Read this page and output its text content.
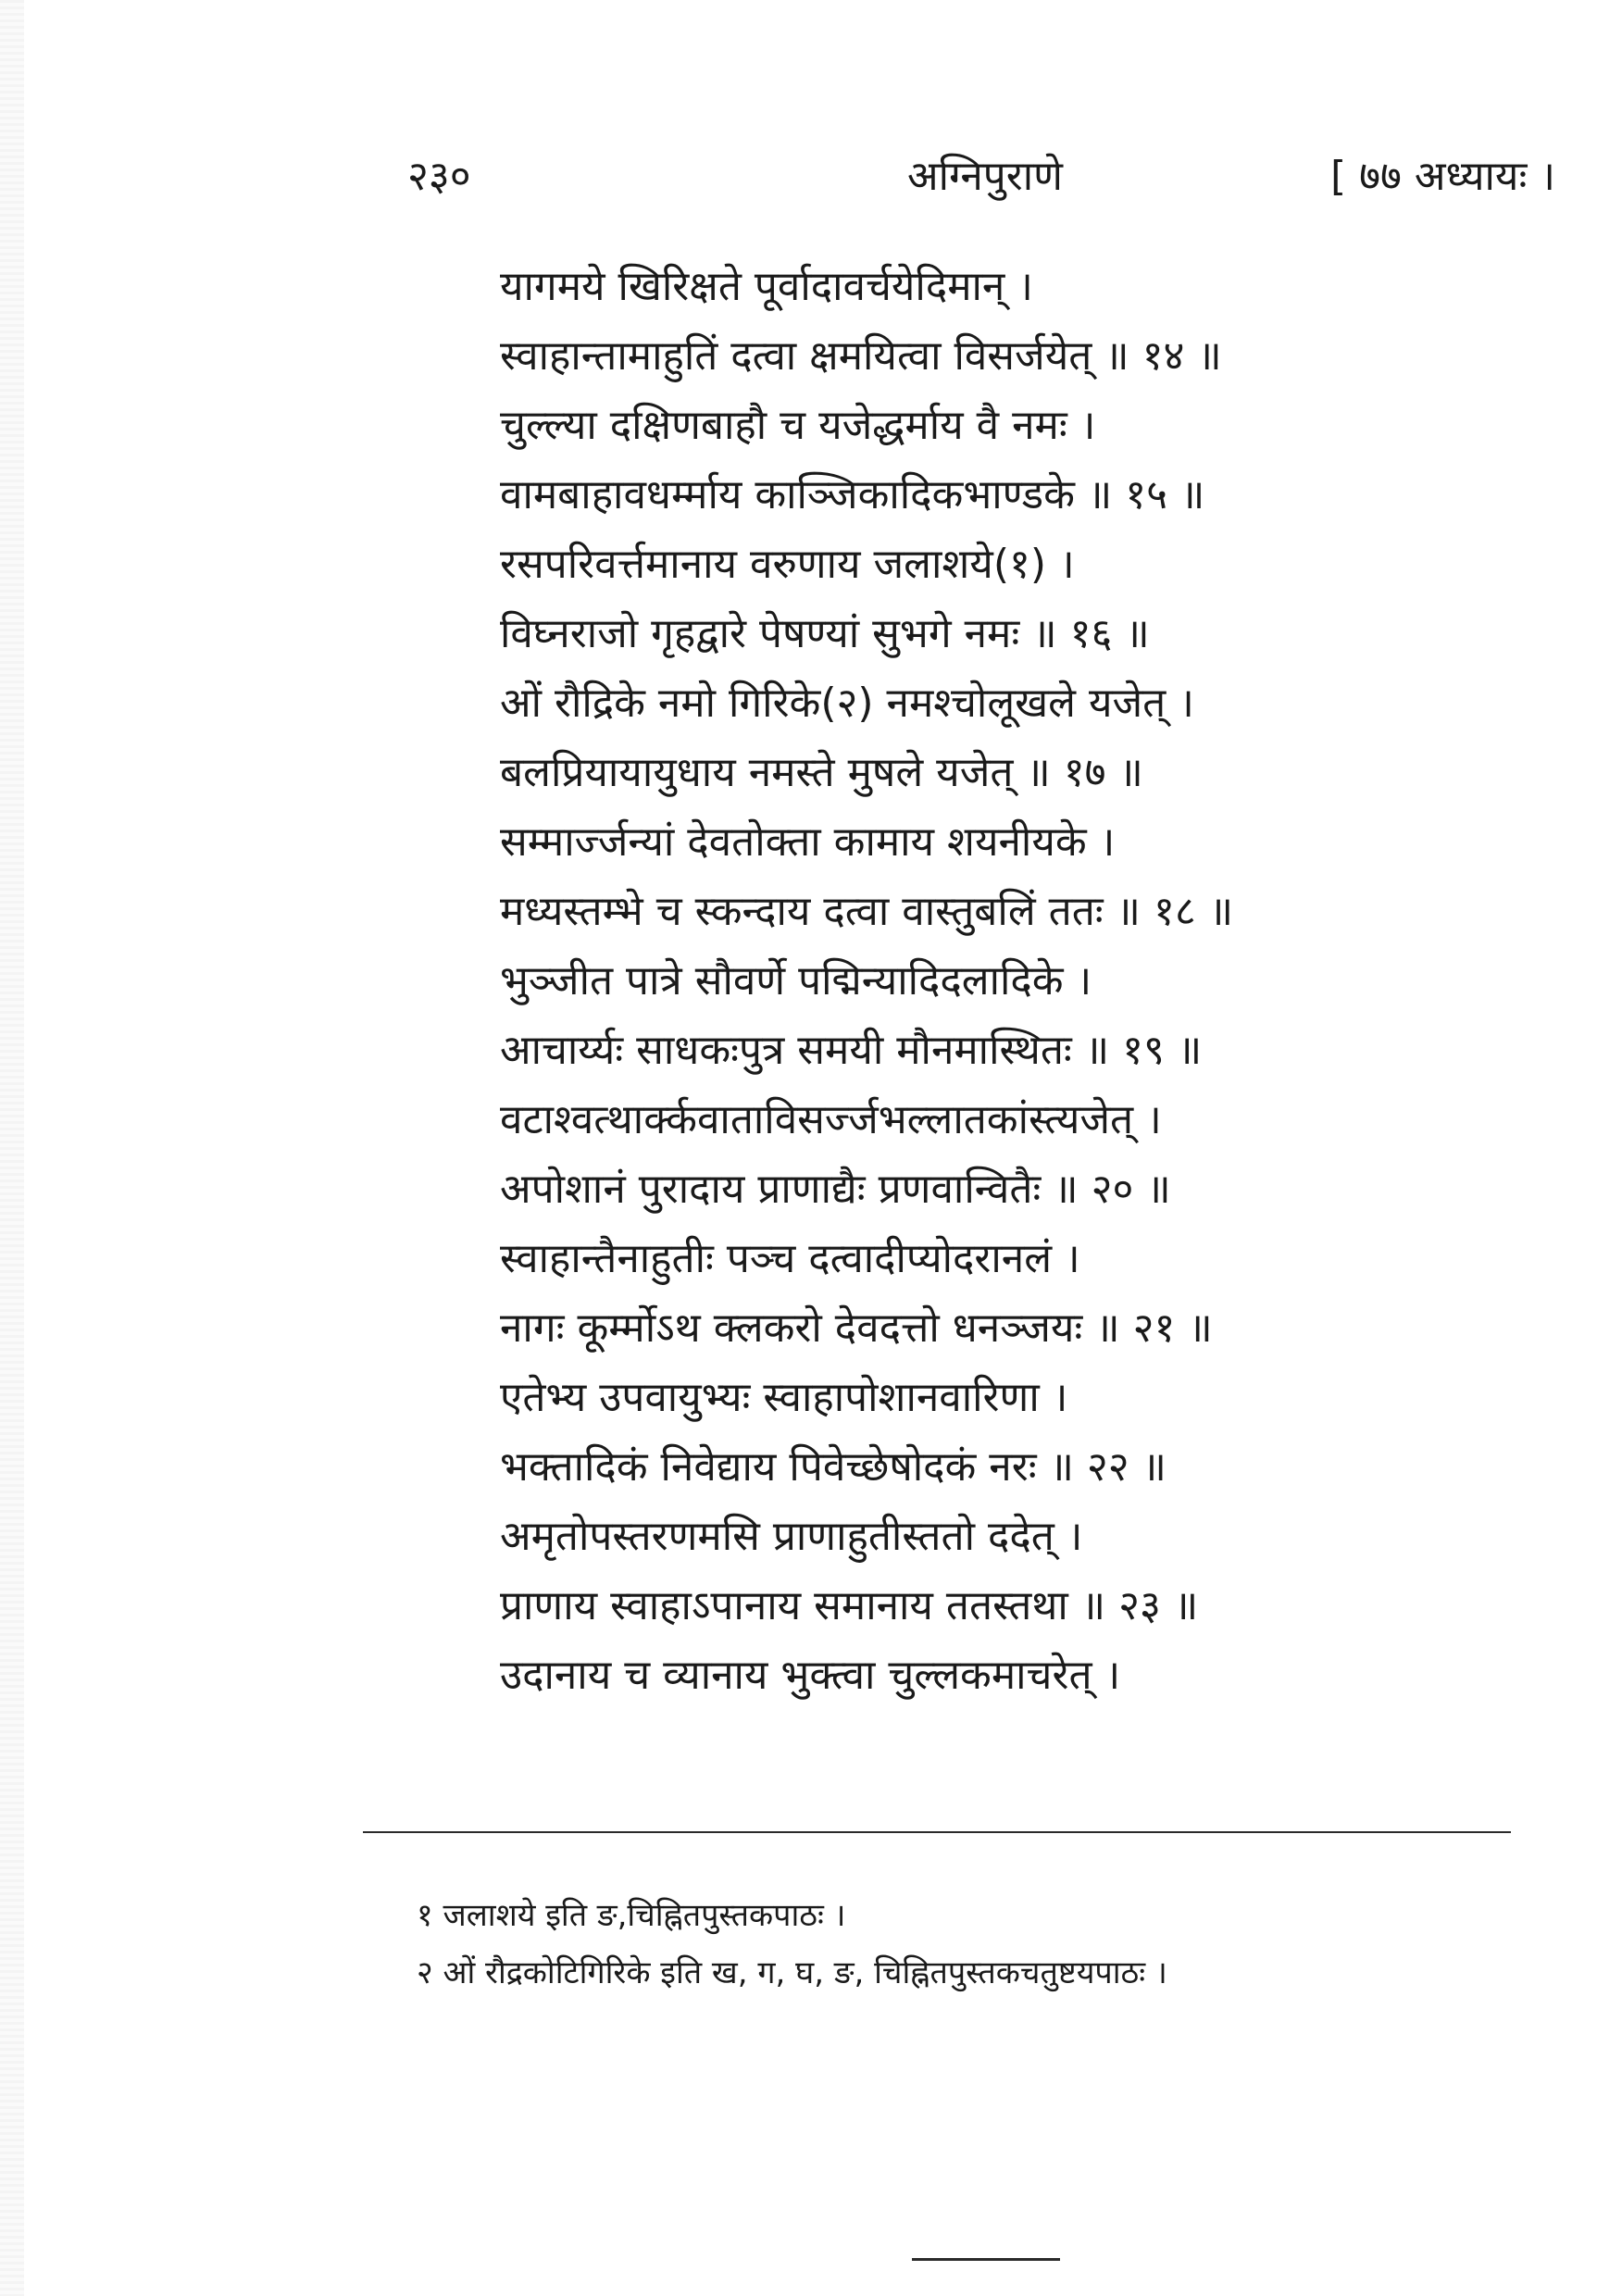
२३०	अग्निपुराणे	[ ७७ अध्यायः ।
यागमये खिरिक्षते पूर्वादावर्चयेदिमान् ।
स्वाहान्तामाहुतिं दत्वा क्षमयित्वा विसर्जयेत् ॥ १४ ॥
चुल्ल्या दक्षिणबाहौ च यजेद्धर्माय वै नमः ।
वामबाहावधर्म्माय काञ्जिकादिकभाण्डके ॥ १५ ॥
रसपरिवर्त्तमानाय वरुणाय जलाशये(१) ।
विघ्नराजो गृहद्वारे पेषण्यां सुभगे नमः ॥ १६ ॥
ओं रौद्रिके नमो गिरिके(२) नमश्चोलूखले यजेत् ।
बलप्रियायायुधाय नमस्ते मुषले यजेत् ॥ १७ ॥
सम्मार्ज्जन्यां देवतोक्ता कामाय शयनीयके ।
मध्यस्तम्भे च स्कन्दाय दत्वा वास्तुबलिं ततः ॥ १८ ॥
भुञ्जीत पात्रे सौवर्णे पद्मिन्यादिदलादिके ।
आचार्य्यः साधकःपुत्र समयी मौनमास्थितः ॥ १९ ॥
वटाश्वत्थार्क्कवाताविसर्ज्जभल्लातकांस्त्यजेत् ।
अपोशानं पुरादाय प्राणाद्यैः प्रणवान्वितैः ॥ २० ॥
स्वाहान्तैनाहुतीः पञ्च दत्वादीप्योदरानलं ।
नागः कूर्म्मोऽथ क्लकरो देवदत्तो धनञ्जयः ॥ २१ ॥
एतेभ्य उपवायुभ्यः स्वाहापोशानवारिणा ।
भक्तादिकं निवेद्याय पिवेच्छेषोदकं नरः ॥ २२ ॥
अमृतोपस्तरणमसि प्राणाहुतीस्ततो ददेत् ।
प्राणाय स्वाहाऽपानाय समानाय ततस्तथा ॥ २३ ॥
उदानाय च व्यानाय भुक्त्वा चुल्लकमाचरेत् ।
१ जलाशये इति ङ,चिह्नितपुस्तकपाठः ।
२ ओं रौद्रकोटिगिरिके इति ख, ग, घ, ङ, चिह्नितपुस्तकचतुष्टयपाठः ।
